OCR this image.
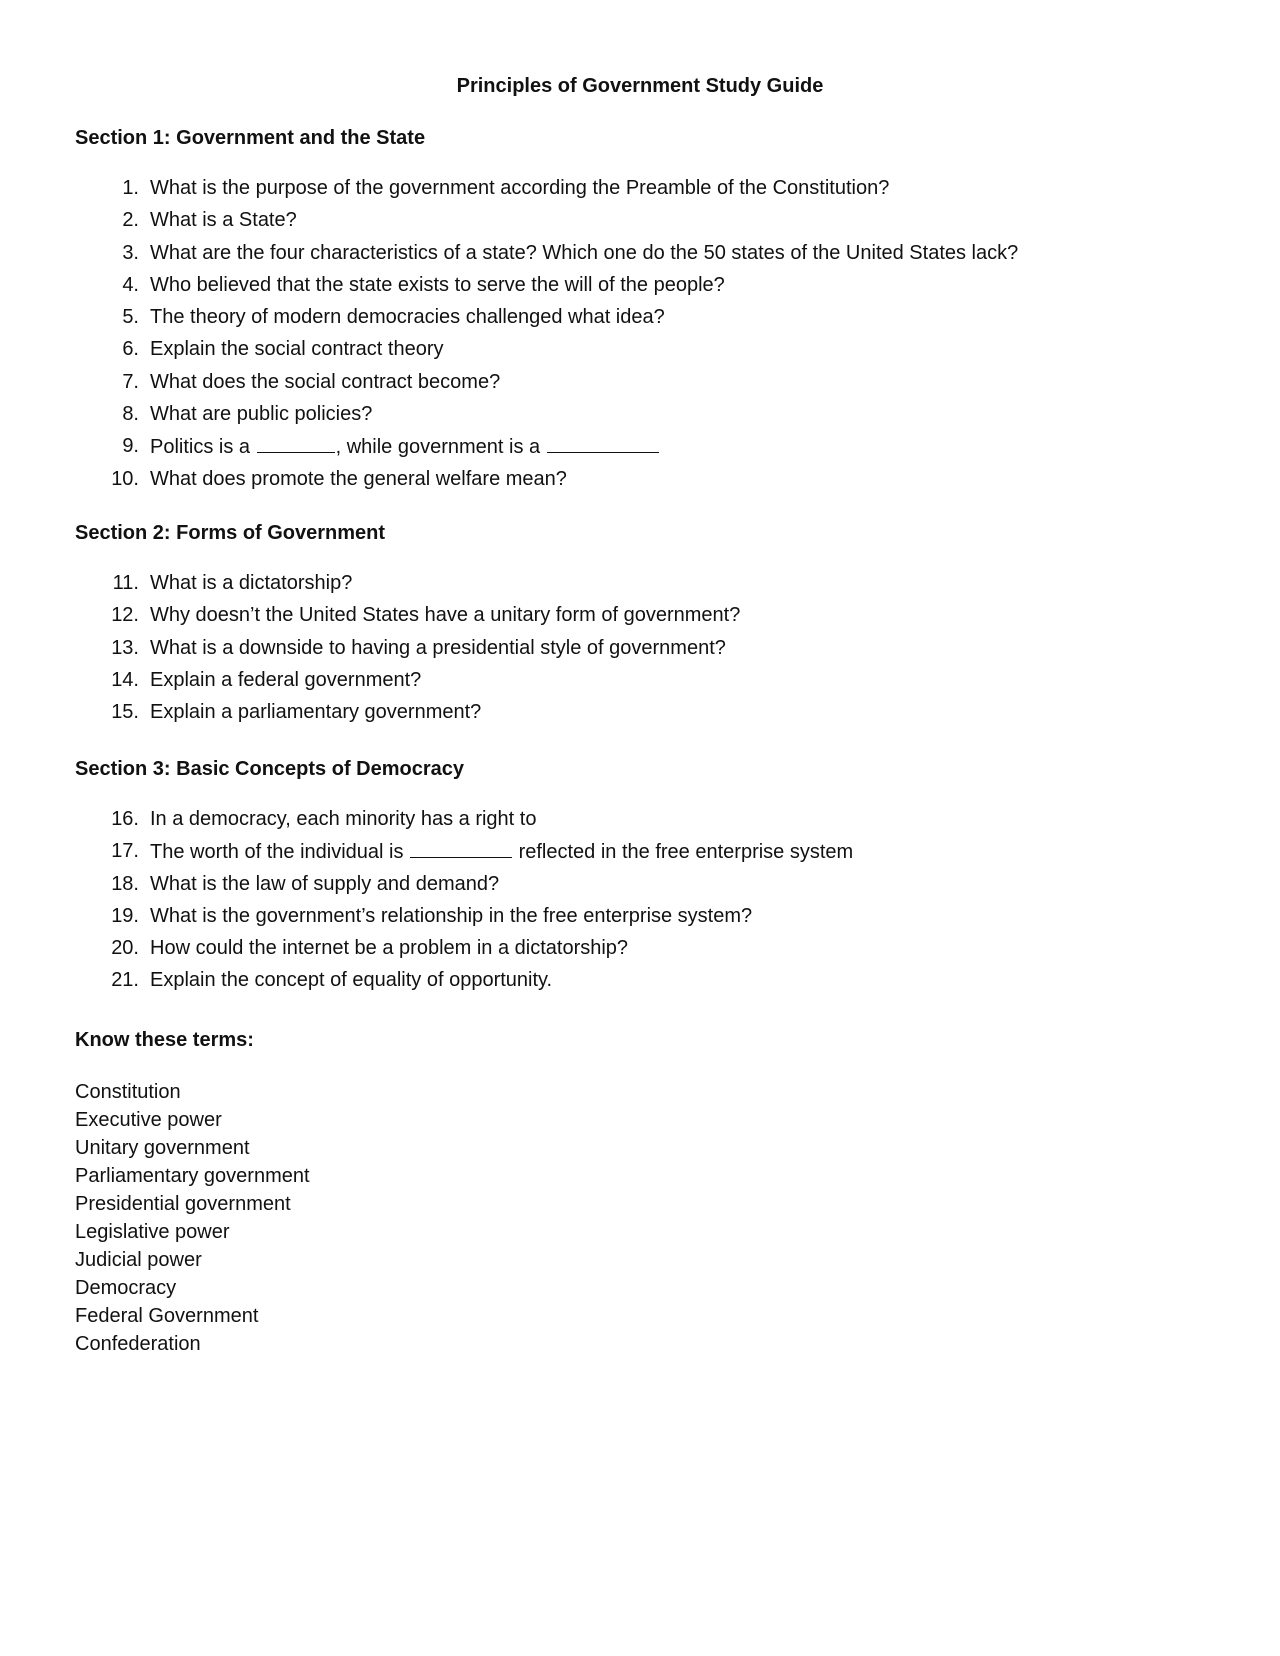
Principles of Government Study Guide
Section 1: Government and the State
1. What is the purpose of the government according the Preamble of the Constitution?
2. What is a State?
3. What are the four characteristics of a state? Which one do the 50 states of the United States lack?
4. Who believed that the state exists to serve the will of the people?
5. The theory of modern democracies challenged what idea?
6. Explain the social contract theory
7. What does the social contract become?
8. What are public policies?
9. Politics is a	, while government is a
10. What does promote the general welfare mean?
Section 2: Forms of Government
11. What is a dictatorship?
12. Why doesn’t the United States have a unitary form of government?
13. What is a downside to having a presidential style of government?
14. Explain a federal government?
15. Explain a parliamentary government?
Section 3: Basic Concepts of Democracy
16. In a democracy, each minority has a right to
17. The worth of the individual is	reflected in the free enterprise system
18. What is the law of supply and demand?
19. What is the government’s relationship in the free enterprise system?
20. How could the internet be a problem in a dictatorship?
21. Explain the concept of equality of opportunity.
Know these terms:
Constitution
Executive power
Unitary government
Parliamentary government
Presidential government
Legislative power
Judicial power
Democracy
Federal Government
Confederation
